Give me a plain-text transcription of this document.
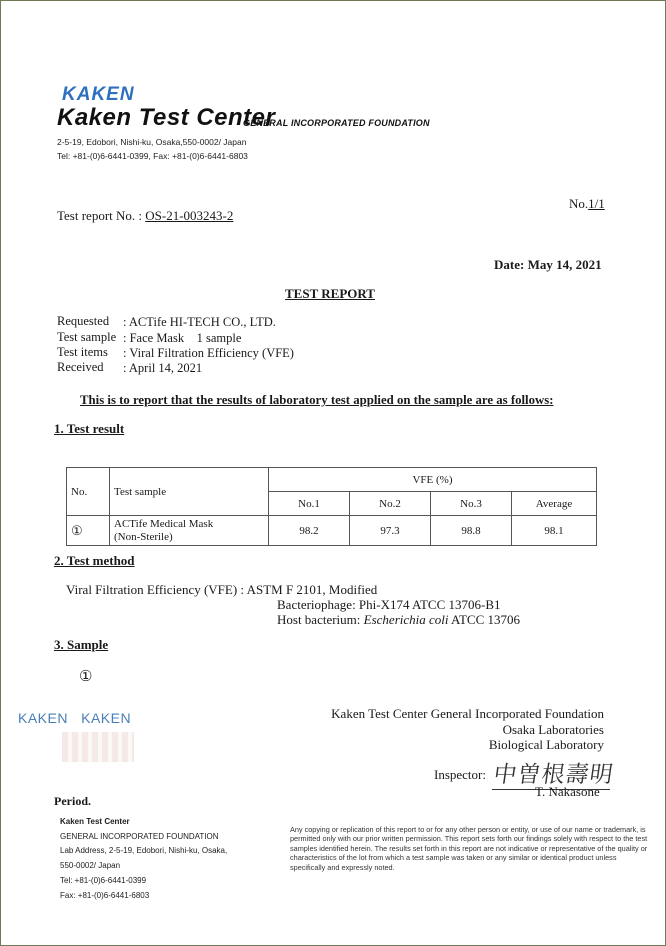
KAKEN
Kaken Test Center
GENERAL INCORPORATED FOUNDATION
2-5-19, Edobori, Nishi-ku, Osaka,550-0002/ Japan
Tel: +81-(0)6-6441-0399, Fax: +81-(0)6-6441-6803
No.1/1
Test report No. : OS-21-003243-2
Date: May 14, 2021
TEST REPORT
Requested	: ACTife HI-TECH CO., LTD.
Test sample : Face Mask    1 sample
Test items	: Viral Filtration Efficiency (VFE)
Received	: April 14, 2021
This is to report that the results of laboratory test applied on the sample are as follows:
1. Test result
No.	Test sample	VFE (%)			
		No.1	No.2	No.3	Average
①	ACTife Medical Mask
(Non-Sterile)	98.2	97.3	98.8	98.1
2. Test method
Viral Filtration Efficiency (VFE) : ASTM F 2101, Modified
Bacteriophage: Phi-X174 ATCC 13706-B1
Host bacterium: Escherichia coli ATCC 13706
3. Sample
①
KAKEN   KAKEN	Kaken Test Center General Incorporated Foundation
Osaka Laboratories
Biological Laboratory
Inspector: 中曽根壽明
T. Nakasone
Period.
Kaken Test Center
GENERAL INCORPORATED FOUNDATION
Lab Address, 2-5-19, Edobori, Nishi-ku, Osaka,
550-0002/ Japan
Tel: +81-(0)6-6441-0399
Fax: +81-(0)6-6441-6803
Any copying or replication of this report to or for any other person or entity, or use of our name or trademark, is permitted only with our prior written permission. This report sets forth our findings solely with respect to the test samples identified herein. The results set forth in this report are not indicative or representative of the quality or characteristics of the lot from which a test sample was taken or any similar or identical product unless specifically and expressly noted.
